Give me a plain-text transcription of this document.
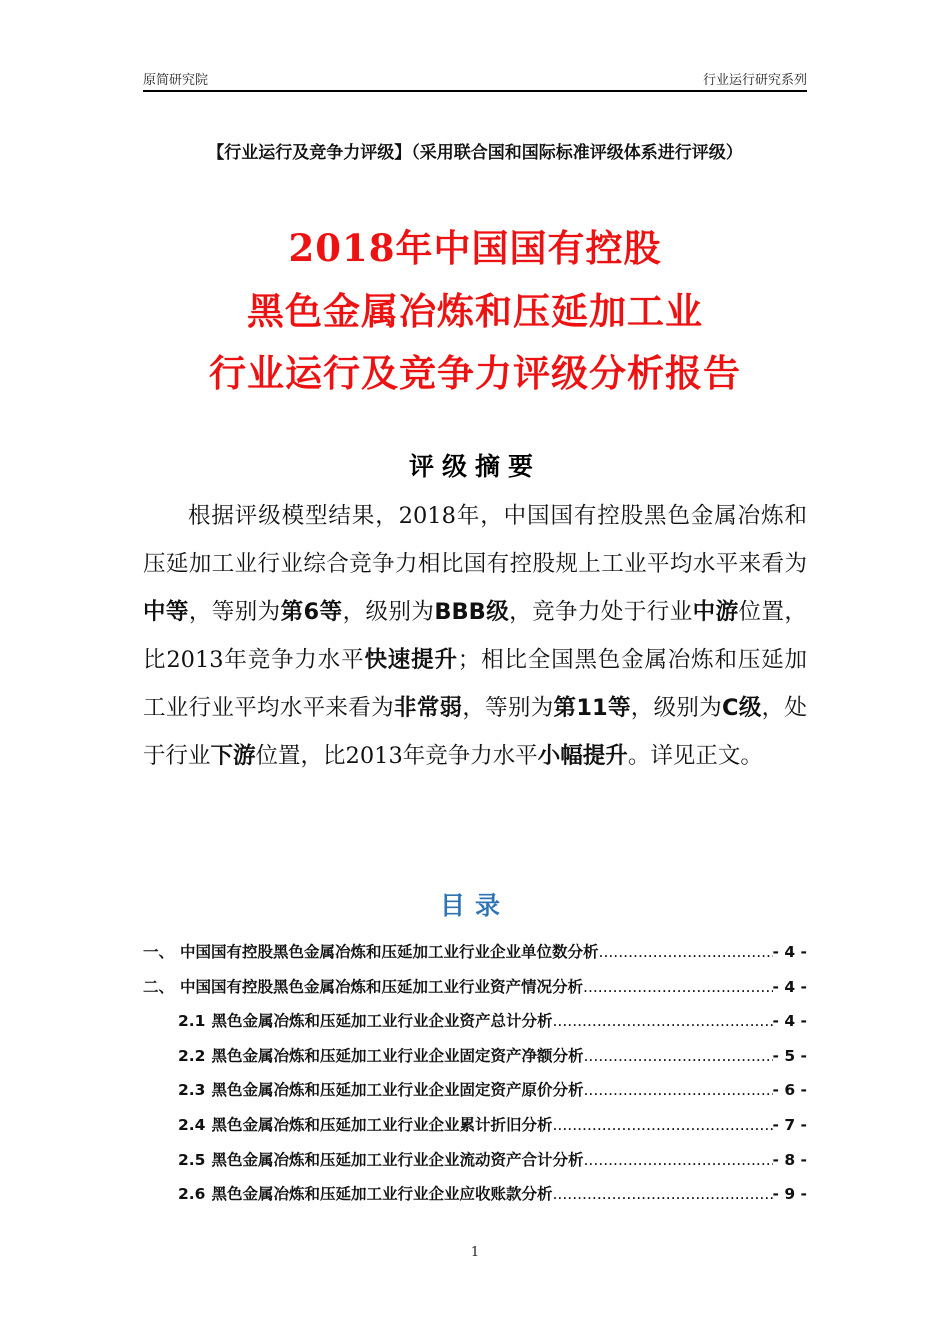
原简研究院	行业运行研究系列
【行业运行及竞争力评级】（采用联合国和国际标准评级体系进行评级）
2018年中国国有控股
黑色金属冶炼和压延加工业
行业运行及竞争力评级分析报告
评级摘要

根据评级模型结果，2018年，中国国有控股黑色金属冶炼和压延加工业行业综合竞争力相比国有控股规上工业平均水平来看为中等，等别为第6等，级别为BBB级，竞争力处于行业中游位置，比2013年竞争力水平快速提升；相比全国黑色金属冶炼和压延加工业行业平均水平来看为非常弱，等别为第11等，级别为C级，处于行业下游位置，比2013年竞争力水平小幅提升。详见正文。

目录
一、 中国国有控股黑色金属冶炼和压延加工业行业企业单位数分析 .....	- 4 -
二、 中国国有控股黑色金属冶炼和压延加工业行业资产情况分析 .....	- 4 -
2.1 黑色金属冶炼和压延加工业行业企业资产总计分析 .....	- 4 -
2.2 黑色金属冶炼和压延加工业行业企业固定资产净额分析 .....	- 5 -
2.3 黑色金属冶炼和压延加工业行业企业固定资产原价分析 .....	- 6 -
2.4 黑色金属冶炼和压延加工业行业企业累计折旧分析 .....	- 7 -
2.5 黑色金属冶炼和压延加工业行业企业流动资产合计分析 .....	- 8 -
2.6 黑色金属冶炼和压延加工业行业企业应收账款分析 .....	- 9 -
1
